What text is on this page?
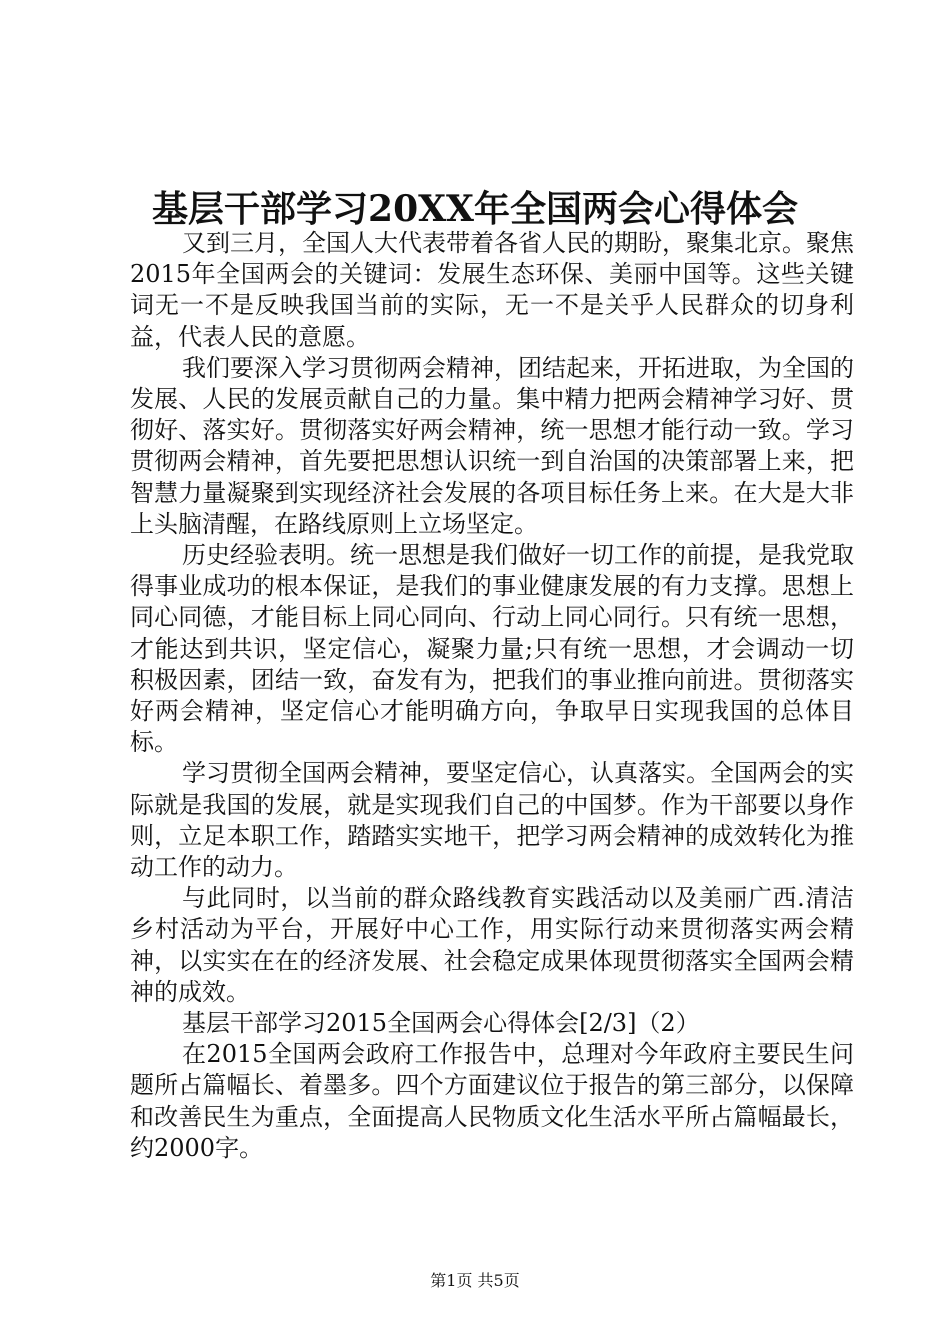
基层干部学习20XX年全国两会心得体会

又到三月，全国人大代表带着各省人民的期盼，聚集北京。聚焦2015年全国两会的关键词：发展生态环保、美丽中国等。这些关键词无一不是反映我国当前的实际，无一不是关乎人民群众的切身利益，代表人民的意愿。

我们要深入学习贯彻两会精神，团结起来，开拓进取，为全国的发展、人民的发展贡献自己的力量。集中精力把两会精神学习好、贯彻好、落实好。贯彻落实好两会精神，统一思想才能行动一致。学习贯彻两会精神，首先要把思想认识统一到自治国的决策部署上来，把智慧力量凝聚到实现经济社会发展的各项目标任务上来。在大是大非上头脑清醒，在路线原则上立场坚定。

历史经验表明。统一思想是我们做好一切工作的前提，是我党取得事业成功的根本保证，是我们的事业健康发展的有力支撑。思想上同心同德，才能目标上同心同向、行动上同心同行。只有统一思想，才能达到共识，坚定信心，凝聚力量;只有统一思想，才会调动一切积极因素，团结一致，奋发有为，把我们的事业推向前进。贯彻落实好两会精神，坚定信心才能明确方向，争取早日实现我国的总体目标。

学习贯彻全国两会精神，要坚定信心，认真落实。全国两会的实际就是我国的发展，就是实现我们自己的中国梦。作为干部要以身作则，立足本职工作，踏踏实实地干，把学习两会精神的成效转化为推动工作的动力。

与此同时，以当前的群众路线教育实践活动以及美丽广西.清洁乡村活动为平台，开展好中心工作，用实际行动来贯彻落实两会精神，以实实在在的经济发展、社会稳定成果体现贯彻落实全国两会精神的成效。

基层干部学习2015全国两会心得体会[2/3]（2）

在2015全国两会政府工作报告中，总理对今年政府主要民生问题所占篇幅长、着墨多。四个方面建议位于报告的第三部分，以保障和改善民生为重点，全面提高人民物质文化生活水平所占篇幅最长，约2000字。

第1页 共5页
